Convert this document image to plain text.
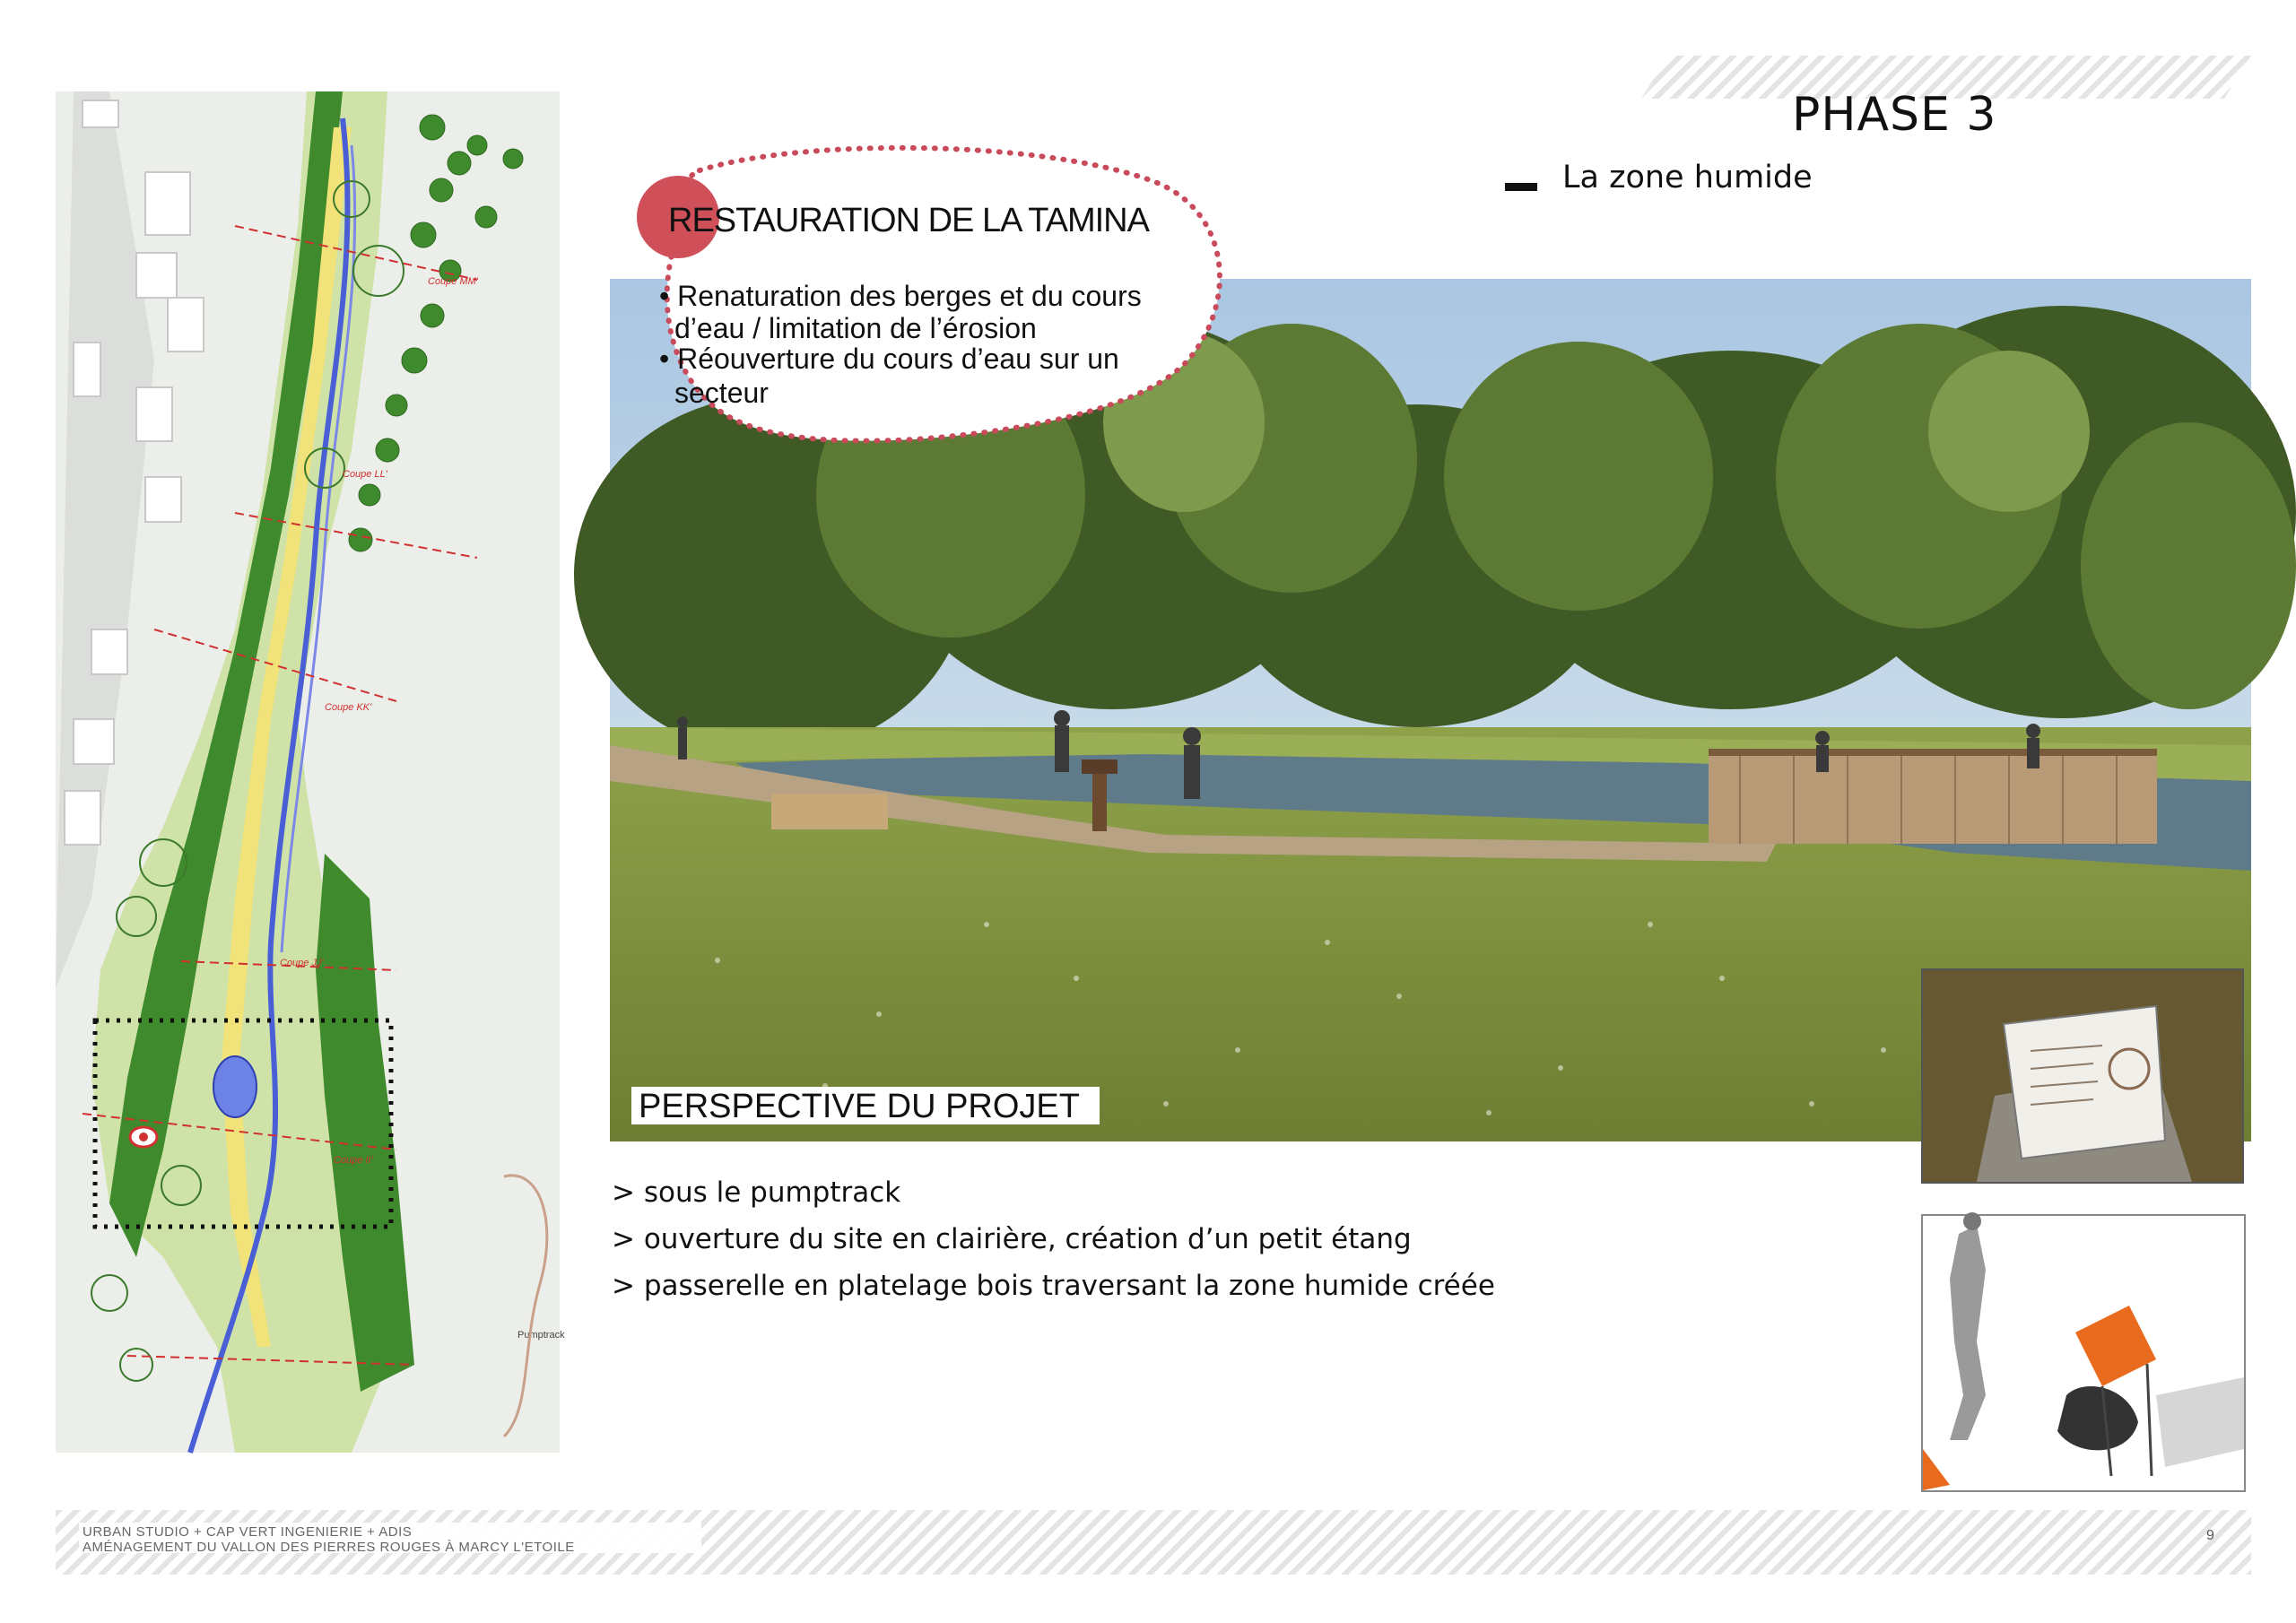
PHASE 3
La zone humide
Coupe MM'
Coupe LL'
Coupe KK'
Coupe JJ'
Coupe II'
Pumptrack
PERSPECTIVE DU PROJET
RESTAURATION DE LA TAMINA
• Renaturation des berges et du cours
d’eau / limitation de l’érosion
• Réouverture du cours d’eau sur un
secteur
> sous le pumptrack
> ouverture du site en clairière, création d’un petit étang
> passerelle en platelage bois traversant la zone humide créée
URBAN STUDIO + CAP VERT INGENIERIE + ADIS
AMÉNAGEMENT DU VALLON DES PIERRES ROUGES À MARCY L'ETOILE
9
